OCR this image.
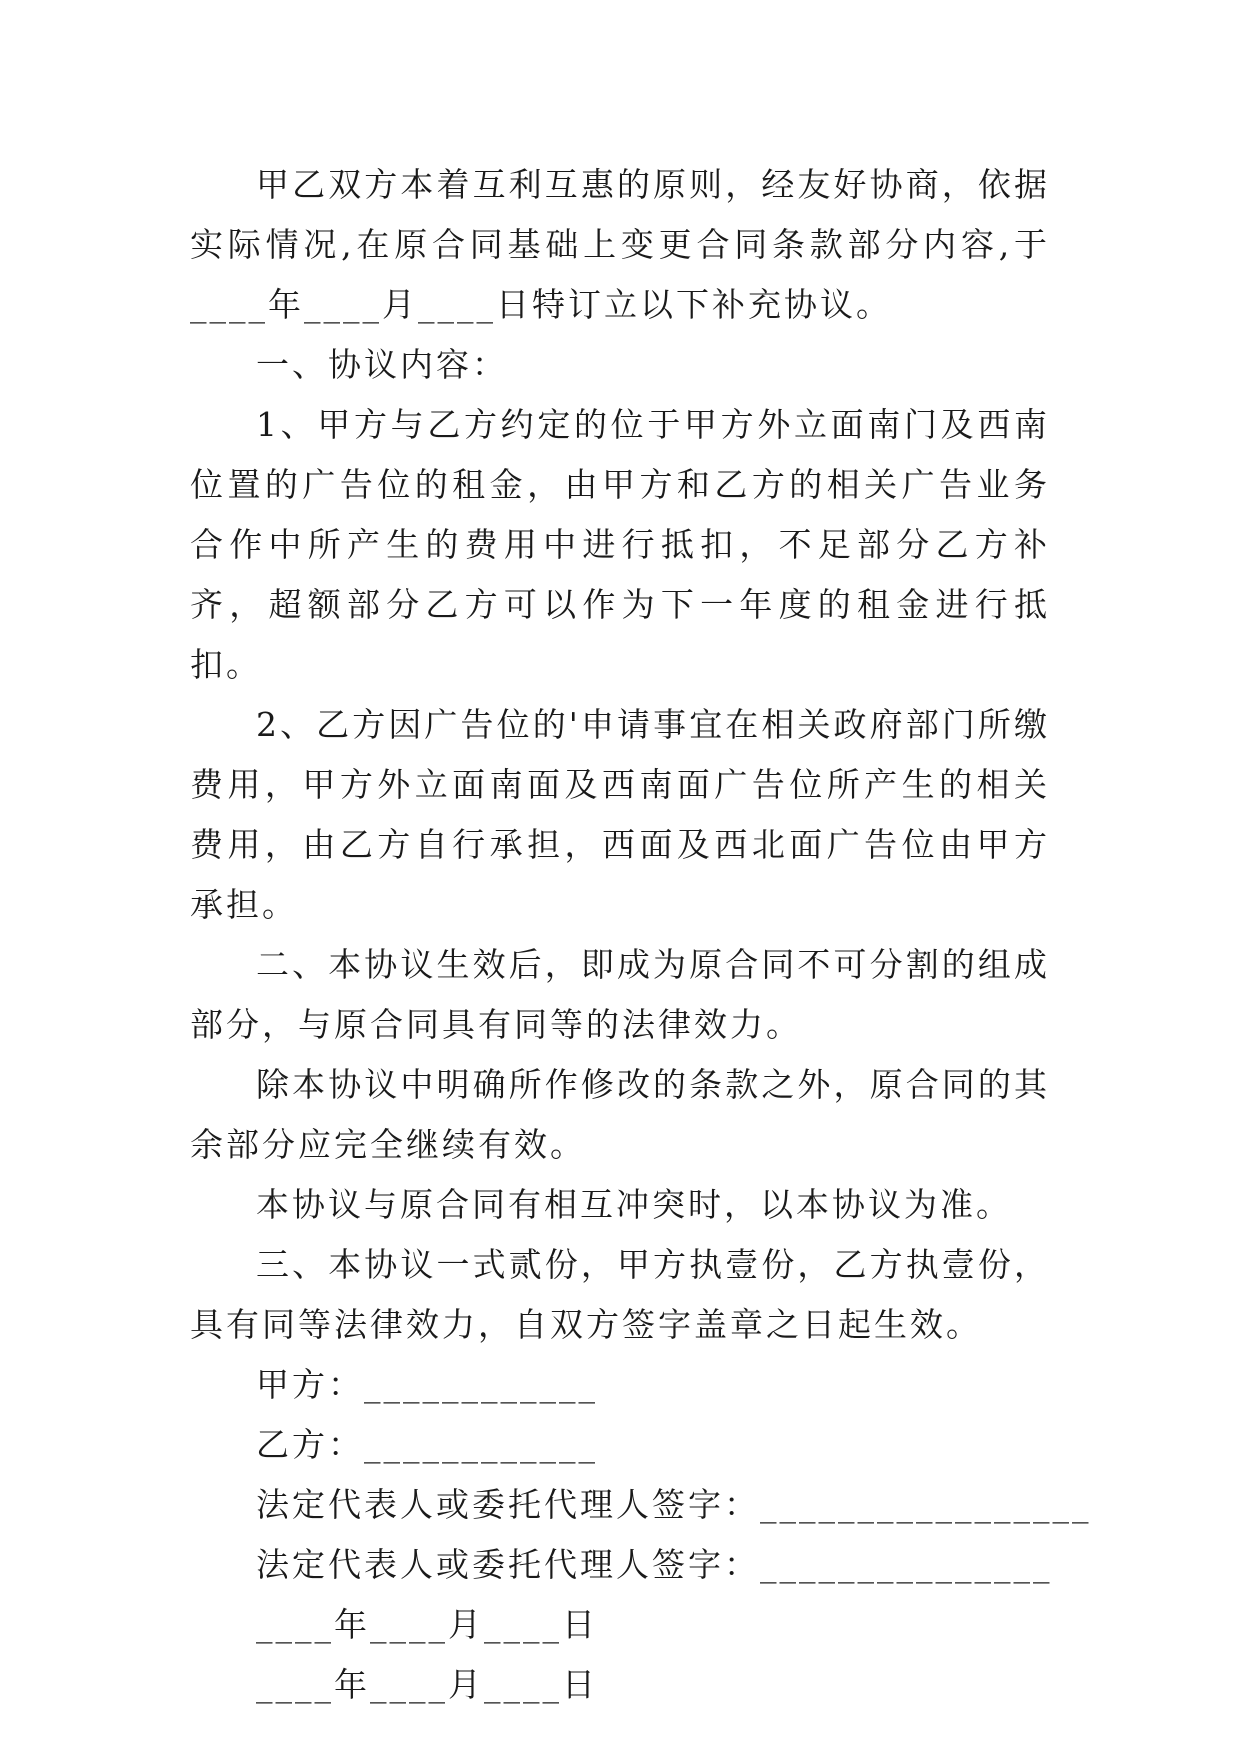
甲乙双方本着互利互惠的原则，经友好协商，依据实际情况,在原合同基础上变更合同条款部分内容,于____年____月____日特订立以下补充协议。

一、协议内容：

1、甲方与乙方约定的位于甲方外立面南门及西南位置的广告位的租金，由甲方和乙方的相关广告业务合作中所产生的费用中进行抵扣，不足部分乙方补齐，超额部分乙方可以作为下一年度的租金进行抵扣。

2、乙方因广告位的'申请事宜在相关政府部门所缴费用，甲方外立面南面及西南面广告位所产生的相关费用，由乙方自行承担，西面及西北面广告位由甲方承担。

二、本协议生效后，即成为原合同不可分割的组成部分，与原合同具有同等的法律效力。

除本协议中明确所作修改的条款之外，原合同的其余部分应完全继续有效。

本协议与原合同有相互冲突时，以本协议为准。

三、本协议一式贰份，甲方执壹份，乙方执壹份，具有同等法律效力，自双方签字盖章之日起生效。

甲方：____________

乙方：____________

法定代表人或委托代理人签字：_________________

法定代表人或委托代理人签字：_______________

____年____月____日

____年____月____日
